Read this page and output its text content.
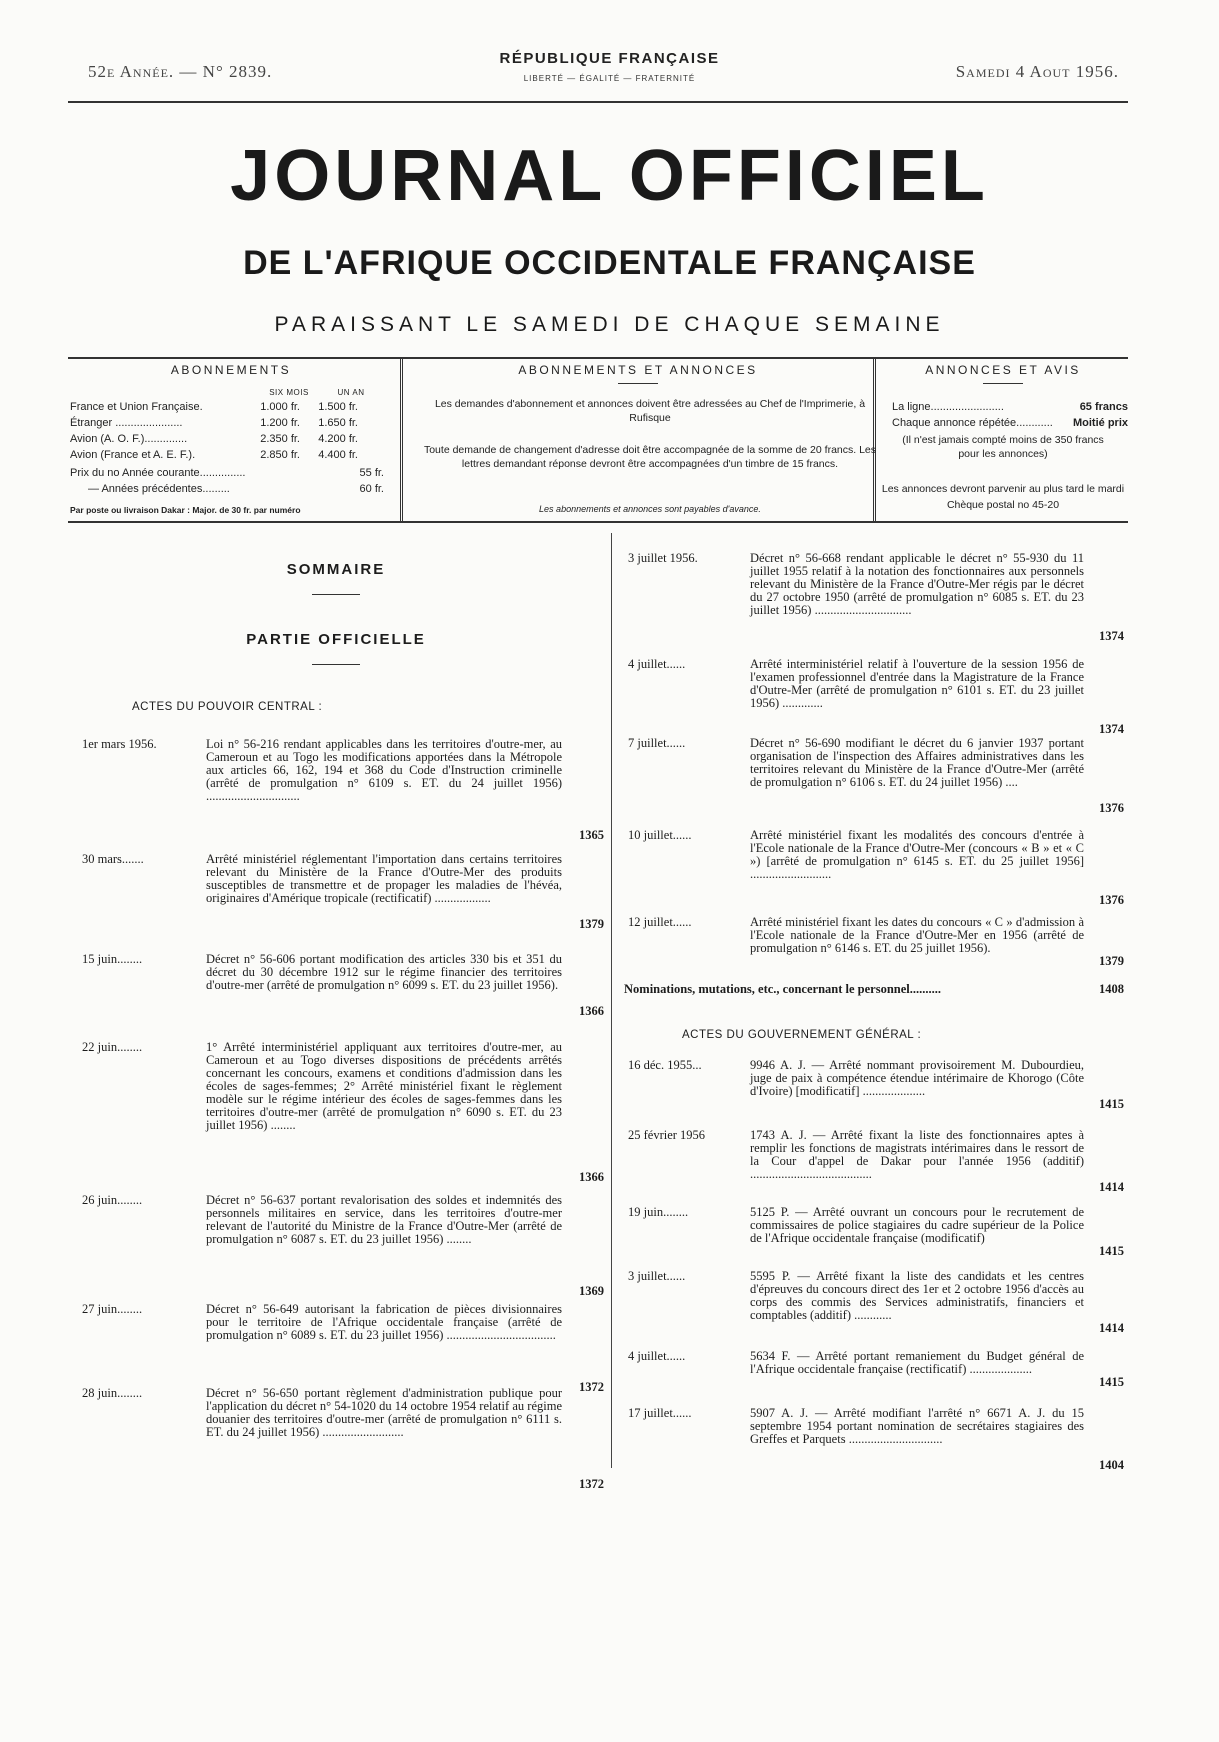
52e Année. — N° 2839.
RÉPUBLIQUE FRANÇAISE
LIBERTÉ — ÉGALITÉ — FRATERNITÉ	Samedi 4 Aout 1956.
JOURNAL OFFICIEL
DE L'AFRIQUE OCCIDENTALE FRANÇAISE
PARAISSANT LE SAMEDI DE CHAQUE SEMAINE
ABONNEMENTS
SIX MOIS	UN AN
France et Union Française.	1.000 fr.	1.500 fr.
Étranger ......................	1.200 fr.	1.650 fr.
Avion (A. O. F.)..............	2.350 fr.	4.200 fr.
Avion (France et A. E. F.).	2.850 fr.	4.400 fr.
Prix du no Année courante...............	55 fr.
— Années précédentes.........	60 fr.
Par poste ou livraison Dakar : Major. de 30 fr. par numéro
ABONNEMENTS ET ANNONCES

Les demandes d'abonnement et annonces doivent être adressées au Chef de l'Imprimerie, à Rufisque

Toute demande de changement d'adresse doit être accompagnée de la somme de 20 francs. Les lettres demandant réponse devront être accompagnées d'un timbre de 15 francs.

Les abonnements et annonces sont payables d'avance.

ANNONCES ET AVIS
La ligne........................	65 francs
Chaque annonce répétée............ Moitié prix
(Il n'est jamais compté moins de 350 francs pour les annonces)
Les annonces devront parvenir au plus tard le mardi
Chèque postal no 45-20
SOMMAIRE
PARTIE OFFICIELLE
ACTES DU POUVOIR CENTRAL :
1er mars 1956.	Loi n° 56-216 rendant applicables dans les territoires d'outre-mer, au Cameroun et au Togo les modifications apportées dans la Métropole aux articles 66, 162, 194 et 368 du Code d'Instruction criminelle (arrêté de promulgation n° 6109 s. ET. du 24 juillet 1956) ..............................
1365
30 mars.......	Arrêté ministériel réglementant l'importation dans certains territoires relevant du Ministère de la France d'Outre-Mer des produits susceptibles de transmettre et de propager les maladies de l'hévéa, originaires d'Amérique tropicale (rectificatif) ..................
1379
15 juin........	Décret n° 56-606 portant modification des articles 330 bis et 351 du décret du 30 décembre 1912 sur le régime financier des territoires d'outre-mer (arrêté de promulgation n° 6099 s. ET. du 23 juillet 1956).
1366
22 juin........	1° Arrêté interministériel appliquant aux territoires d'outre-mer, au Cameroun et au Togo diverses dispositions de précédents arrêtés concernant les concours, examens et conditions d'admission dans les écoles de sages-femmes; 2° Arrêté ministériel fixant le règlement modèle sur le régime intérieur des écoles de sages-femmes dans les territoires d'outre-mer (arrêté de promulgation n° 6090 s. ET. du 23 juillet 1956) ........
1366
26 juin........	Décret n° 56-637 portant revalorisation des soldes et indemnités des personnels militaires en service, dans les territoires d'outre-mer relevant de l'autorité du Ministre de la France d'Outre-Mer (arrêté de promulgation n° 6087 s. ET. du 23 juillet 1956) ........
1369
27 juin........	Décret n° 56-649 autorisant la fabrication de pièces divisionnaires pour le territoire de l'Afrique occidentale française (arrêté de promulgation n° 6089 s. ET. du 23 juillet 1956) ...................................
1372
28 juin........	Décret n° 56-650 portant règlement d'administration publique pour l'application du décret n° 54-1020 du 14 octobre 1954 relatif au régime douanier des territoires d'outre-mer (arrêté de promulgation n° 6111 s. ET. du 24 juillet 1956) ..........................
1372
3 juillet 1956.	Décret n° 56-668 rendant applicable le décret n° 55-930 du 11 juillet 1955 relatif à la notation des fonctionnaires aux personnels relevant du Ministère de la France d'Outre-Mer régis par le décret du 27 octobre 1950 (arrêté de promulgation n° 6085 s. ET. du 23 juillet 1956) ...............................
1374
4 juillet......	Arrêté interministériel relatif à l'ouverture de la session 1956 de l'examen professionnel d'entrée dans la Magistrature de la France d'Outre-Mer (arrêté de promulgation n° 6101 s. ET. du 23 juillet 1956) .............
1374
7 juillet......	Décret n° 56-690 modifiant le décret du 6 janvier 1937 portant organisation de l'inspection des Affaires administratives dans les territoires relevant du Ministère de la France d'Outre-Mer (arrêté de promulgation n° 6106 s. ET. du 24 juillet 1956) ....
1376
10 juillet......	Arrêté ministériel fixant les modalités des concours d'entrée à l'Ecole nationale de la France d'Outre-Mer (concours « B » et « C ») [arrêté de promulgation n° 6145 s. ET. du 25 juillet 1956] ..........................
1376
12 juillet......	Arrêté ministériel fixant les dates du concours « C » d'admission à l'Ecole nationale de la France d'Outre-Mer en 1956 (arrêté de promulgation n° 6146 s. ET. du 25 juillet 1956).
1379
Nominations, mutations, etc., concernant le personnel..........	1408
ACTES DU GOUVERNEMENT GÉNÉRAL :
16 déc. 1955...	9946 A. J. — Arrêté nommant provisoirement M. Dubourdieu, juge de paix à compétence étendue intérimaire de Khorogo (Côte d'Ivoire) [modificatif] ....................
1415
25 février 1956	1743 A. J. — Arrêté fixant la liste des fonctionnaires aptes à remplir les fonctions de magistrats intérimaires dans le ressort de la Cour d'appel de Dakar pour l'année 1956 (additif) .......................................
1414
19 juin........	5125 P. — Arrêté ouvrant un concours pour le recrutement de commissaires de police stagiaires du cadre supérieur de la Police de l'Afrique occidentale française (modificatif)
1415
3 juillet......	5595 P. — Arrêté fixant la liste des candidats et les centres d'épreuves du concours direct des 1er et 2 octobre 1956 d'accès au corps des commis des Services administratifs, financiers et comptables (additif) ............
1414
4 juillet......	5634 F. — Arrêté portant remaniement du Budget général de l'Afrique occidentale française (rectificatif) ....................
1415
17 juillet......	5907 A. J. — Arrêté modifiant l'arrêté n° 6671 A. J. du 15 septembre 1954 portant nomination de secrétaires stagiaires des Greffes et Parquets ..............................
1404
